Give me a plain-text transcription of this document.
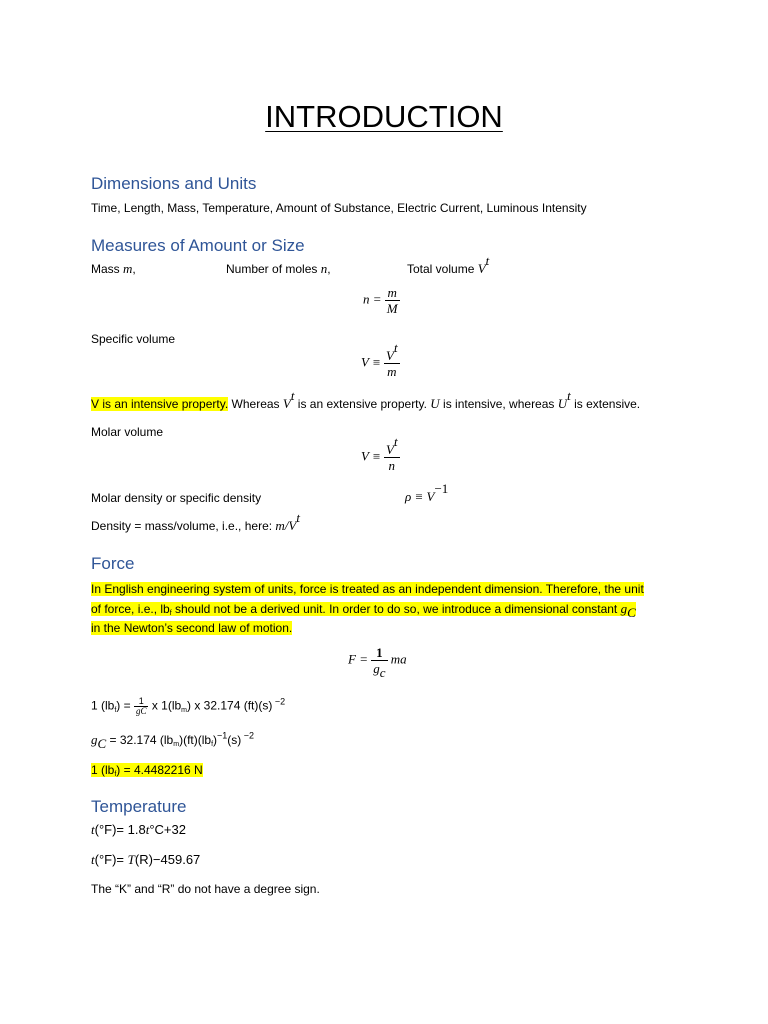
INTRODUCTION
Dimensions and Units
Time, Length, Mass, Temperature, Amount of Substance, Electric Current, Luminous Intensity
Measures of Amount or Size
Mass m,	Number of moles n,	Total volume $V^t$
$n = \frac{m}{M}$
Specific volume
$V \equiv \frac{V^t}{m}$
V is an intensive property. Whereas $V^t$ is an extensive property. U is intensive, whereas $U^t$ is extensive.
Molar volume
$V \equiv \frac{V^t}{n}$
Molar density or specific density	$\rho \equiv V^{-1}$
Density = mass/volume, i.e., here: $m/V^t$
Force
In English engineering system of units, force is treated as an independent dimension. Therefore, the unit
of force, i.e., $lb_f$ should not be a derived unit. In order to do so, we introduce a dimensional constant $g_C$
in the Newton’s second law of motion.
$F = \frac{1}{g_c}$ ma
1 $(lb_f) = \frac{1}{gC}$ x $1(lb_m)$ x 32.174 (ft)(s) $^{-2}$
$g_C = 32.174$ $(lb_m)(ft)(lb_f)^{-1}(s)$ $^{-2}$
1 $(lb_f) = 4.4482216$ N
Temperature
t(°F)= 1.8t°C+32
t(°F)= T(R)−459.67
The “K” and “R” do not have a degree sign.
